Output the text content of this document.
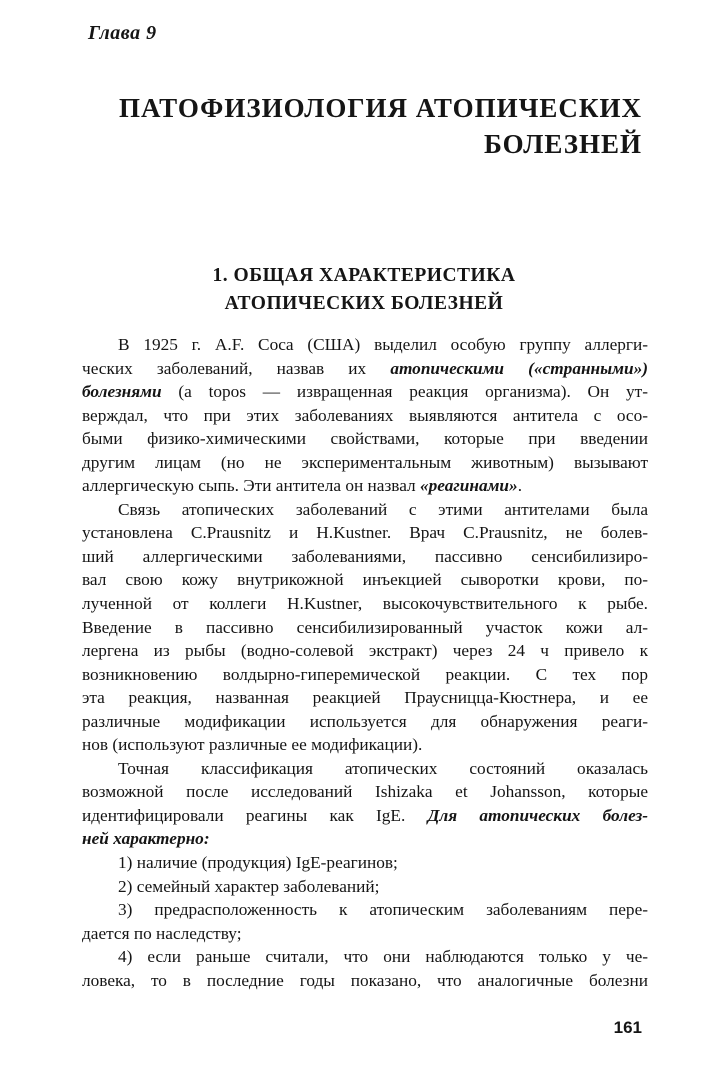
Глава 9
ПАТОФИЗИОЛОГИЯ АТОПИЧЕСКИХ
БОЛЕЗНЕЙ
1. ОБЩАЯ ХАРАКТЕРИСТИКА
АТОПИЧЕСКИХ БОЛЕЗНЕЙ
В 1925 г. A.F. Coca (США) выделил особую группу аллерги-
ческих заболеваний, назвав их атопическими («странными»)
болезнями (a topos — извращенная реакция организма). Он ут-
верждал, что при этих заболеваниях выявляются антитела с осо-
быми физико-химическими свойствами, которые при введении
другим лицам (но не экспериментальным животным) вызывают
аллергическую сыпь. Эти антитела он назвал «реагинами».
Связь атопических заболеваний с этими антителами была
установлена C.Prausnitz и H.Kustner. Врач C.Prausnitz, не болев-
ший аллергическими заболеваниями, пассивно сенсибилизиро-
вал свою кожу внутрикожной инъекцией сыворотки крови, по-
лученной от коллеги H.Kustner, высокочувствительного к рыбе.
Введение в пассивно сенсибилизированный участок кожи ал-
лергена из рыбы (водно-солевой экстракт) через 24 ч привело к
возникновению волдырно-гиперемической реакции. С тех пор
эта реакция, названная реакцией Праусницца-Кюстнера, и ее
различные модификации используется для обнаружения реаги-
нов (используют различные ее модификации).
Точная классификация атопических состояний оказалась
возможной после исследований Ishizaka et Johansson, которые
идентифицировали реагины как IgE. Для атопических болез-
ней характерно:
1) наличие (продукция) IgE-реагинов;
2) семейный характер заболеваний;
3) предрасположенность к атопическим заболеваниям пере-
дается по наследству;
4) если раньше считали, что они наблюдаются только у че-
ловека, то в последние годы показано, что аналогичные болезни
161
